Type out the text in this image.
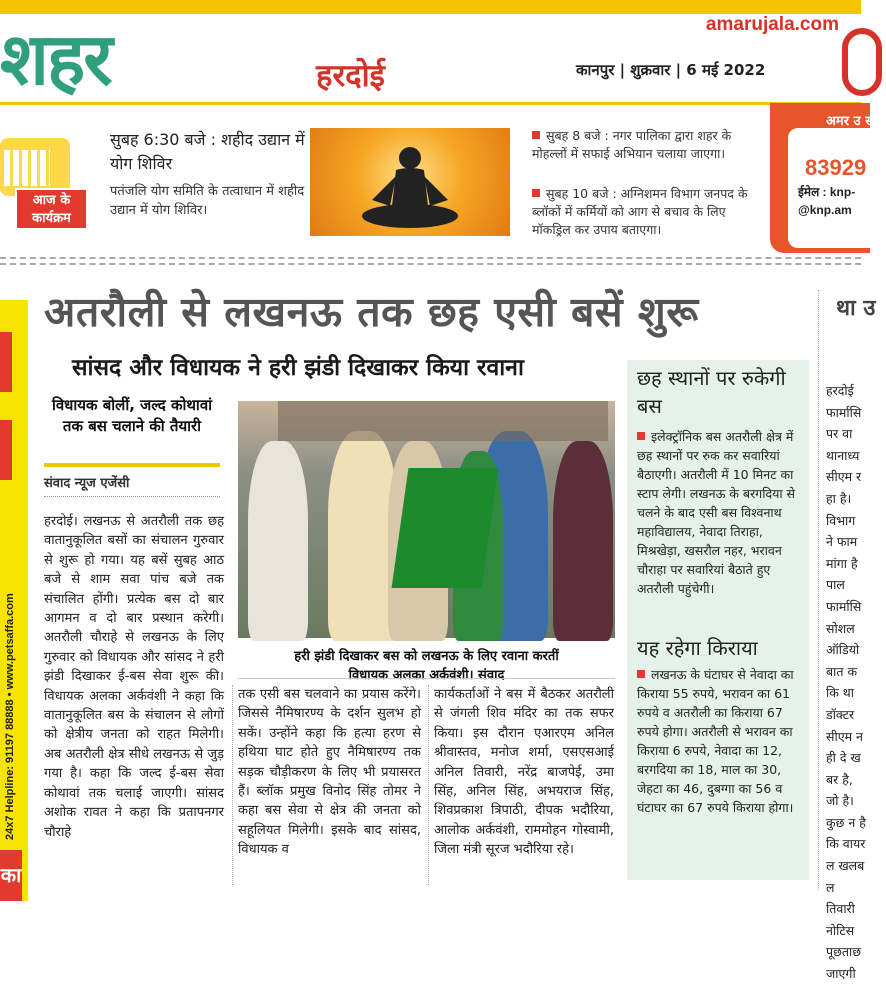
amarujala.com
शहर	हरदोई	कानपुर | शुक्रवार | 6 मई 2022
आज के
कार्यक्रम
सुबह 6:30 बजे : शहीद उद्यान में योग शिविर
पतंजलि योग समिति के तत्वाधान में शहीद उद्यान में योग शिविर।
सुबह 8 बजे : नगर पालिका द्वारा शहर के मोहल्लों में सफाई अभियान चलाया जाएगा।
सुबह 10 बजे : अग्निशमन विभाग जनपद के ब्लॉकों में कर्मियों को आग से बचाव के लिए मॉकड्रिल कर उपाय बताएगा।
अमर उ संप
83929
ईमेल : knp-
@knp.am
24x7 Helpline: 91197 88888 • www.petsaffa.com
का
अतरौली से लखनऊ तक छह एसी बसें शुरू
सांसद और विधायक ने हरी झंडी दिखाकर किया रवाना
विधायक बोलीं, जल्द कोथावां तक बस चलाने की तैयारी
संवाद न्यूज एजेंसी
हरदोई। लखनऊ से अतरौली तक छह वातानुकूलित बसों का संचालन गुरुवार से शुरू हो गया। यह बसें सुबह आठ बजे से शाम सवा पांच बजे तक संचालित होंगी। प्रत्येक बस दो बार आगमन व दो बार प्रस्थान करेगी। अतरौली चौराहे से लखनऊ के लिए गुरुवार को विधायक और सांसद ने हरी झंडी दिखाकर ई-बस सेवा शुरू की। विधायक अलका अर्कवंशी ने कहा कि वातानुकूलित बस के संचालन से लोगों को क्षेत्रीय जनता को राहत मिलेगी। अब अतरौली क्षेत्र सीधे लखनऊ से जुड़ गया है। कहा कि जल्द ई-बस सेवा कोथावां तक चलाई जाएगी। सांसद अशोक रावत ने कहा कि प्रतापनगर चौराहे
हरी झंडी दिखाकर बस को लखनऊ के लिए रवाना करतीं
विधायक अलका अर्कवंशी। संवाद
तक एसी बस चलवाने का प्रयास करेंगे। जिससे नैमिषारण्य के दर्शन सुलभ हो सकें। उन्होंने कहा कि हत्या हरण से हथिया घाट होते हुए नैमिषारण्य तक सड़क चौड़ीकरण के लिए भी प्रयासरत हैं। ब्लॉक प्रमुख विनोद सिंह तोमर ने कहा बस सेवा से क्षेत्र की जनता को सहूलियत मिलेगी। इसके बाद सांसद, विधायक व
कार्यकर्ताओं ने बस में बैठकर अतरौली से जंगली शिव मंदिर का तक सफर किया। इस दौरान एआरएम अनिल श्रीवास्तव, मनोज शर्मा, एसएसआई अनिल तिवारी, नरेंद्र बाजपेई, उमा सिंह, अनिल सिंह, अभयराज सिंह, शिवप्रकाश त्रिपाठी, दीपक भदौरिया, आलोक अर्कवंशी, राममोहन गोस्वामी, जिला मंत्री सूरज भदौरिया रहे।
छह स्थानों पर रुकेगी बस
इलेक्ट्रॉनिक बस अतरौली क्षेत्र में छह स्थानों पर रुक कर सवारियां बैठाएगी। अतरौली में 10 मिनट का स्टाप लेगी। लखनऊ के बरगदिया से चलने के बाद एसी बस विश्वनाथ महाविद्यालय, नेवादा तिराहा, मिश्रखेड़ा, खसरौल नहर, भरावन चौराहा पर सवारियां बैठाते हुए अतरौली पहुंचेगी।
यह रहेगा किराया
लखनऊ के घंटाघर से नेवादा का किराया 55 रुपये, भरावन का 61 रुपये व अतरौली का किराया 67 रुपये होगा। अतरौली से भरावन का किराया 6 रुपये, नेवादा का 12, बरगदिया का 18, माल का 30, जेहटा का 46, दुबग्गा का 56 व घंटाघर का 67 रुपये किराया होगा।
था उ
हरदोई फार्मासि पर वा थानाध्य सीएम रहा है। विभाग ने फाम मांगा है पाल फार्मासि सोशल ऑडियो बात क कि था डॉक्टर सीएम नही दे खबर है, जो है। कुछ न है कि वायरल खलबल तिवारी नोटिस पूछताछ जाएगी
